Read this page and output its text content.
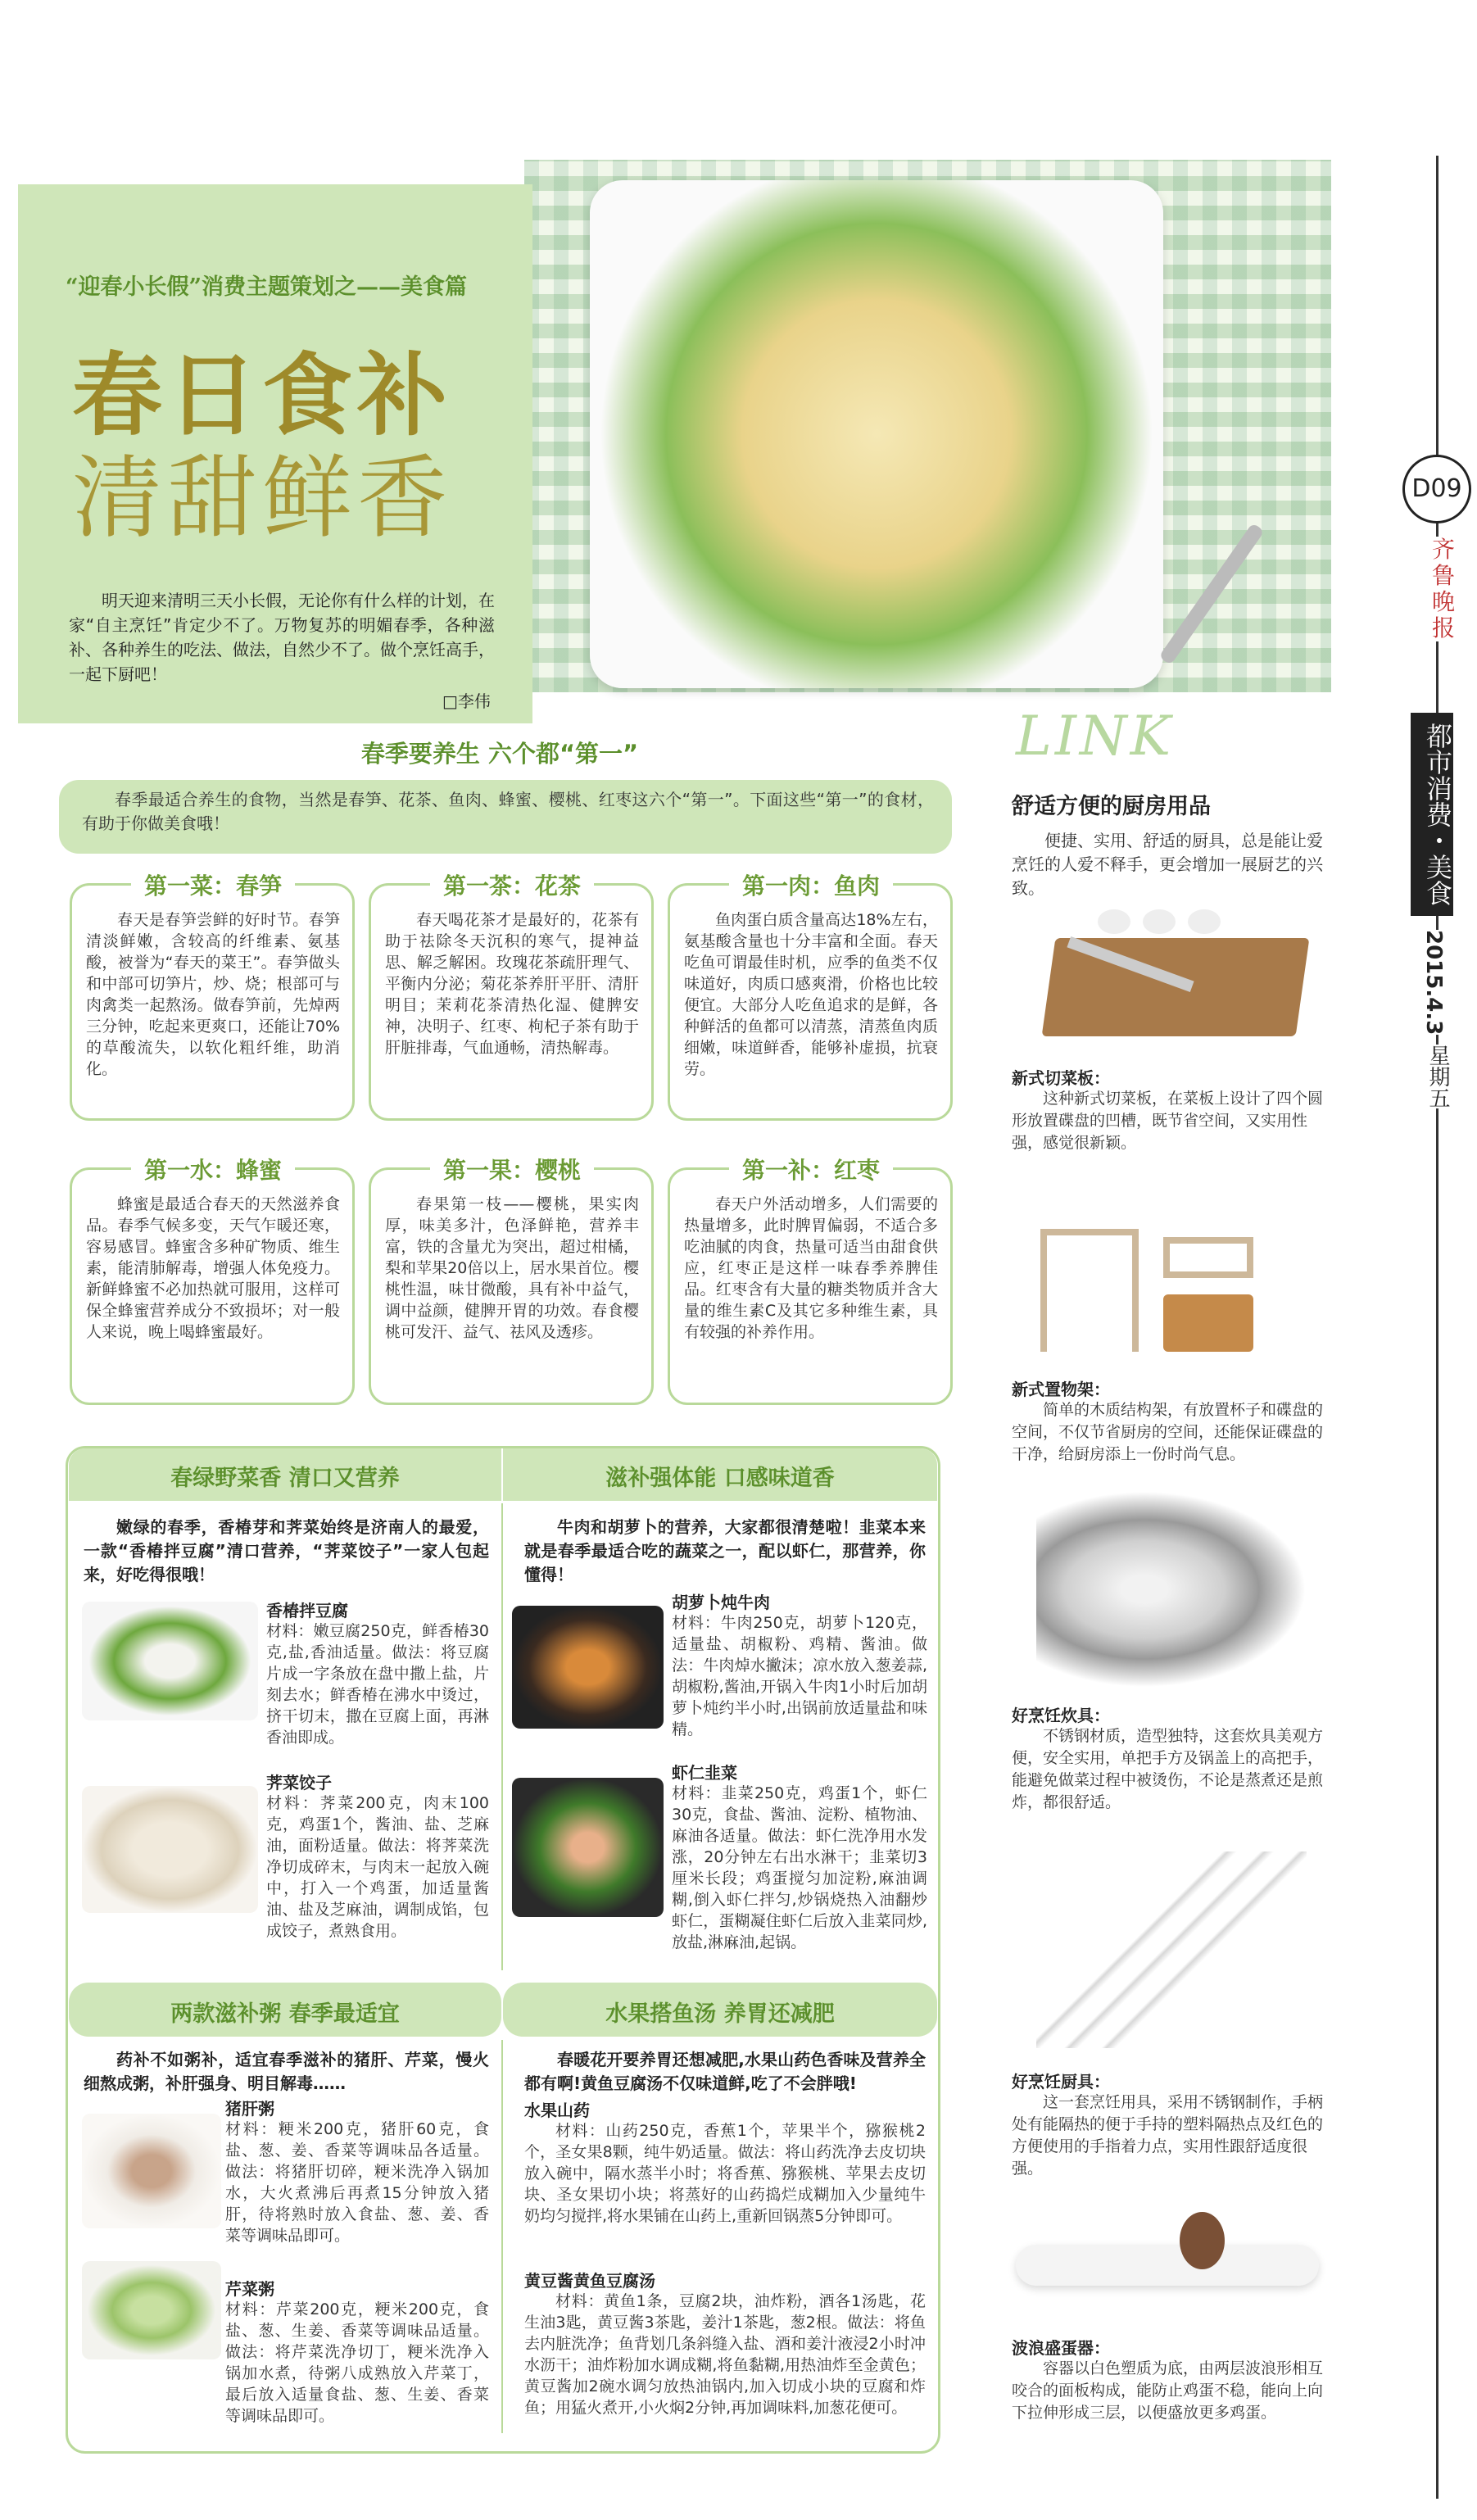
“迎春小长假”消费主题策划之——美食篇
春日食补
清甜鲜香
明天迎来清明三天小长假，无论你有什么样的计划，在家“自主烹饪”肯定少不了。万物复苏的明媚春季，各种滋补、各种养生的吃法、做法，自然少不了。做个烹饪高手，一起下厨吧！
□李伟
D09
齐鲁晚报
都市消费・美食
2015.4.3
星期五
春季要养生 六个都“第一”
春季最适合养生的食物，当然是春笋、花茶、鱼肉、蜂蜜、樱桃、红枣这六个“第一”。下面这些“第一”的食材，有助于你做美食哦！
第一菜：春笋
春天是春笋尝鲜的好时节。春笋清淡鲜嫩，含较高的纤维素、氨基酸，被誉为“春天的菜王”。春笋做头和中部可切笋片，炒、烧；根部可与肉禽类一起熬汤。做春笋前，先焯两三分钟，吃起来更爽口，还能让70%的草酸流失，以软化粗纤维，助消化。
第一茶：花茶
春天喝花茶才是最好的，花茶有助于祛除冬天沉积的寒气，提神益思、解乏解困。玫瑰花茶疏肝理气、平衡内分泌；菊花茶养肝平肝、清肝明目；茉莉花茶清热化湿、健脾安神，决明子、红枣、枸杞子茶有助于肝脏排毒，气血通畅，清热解毒。
第一肉：鱼肉
鱼肉蛋白质含量高达18%左右，氨基酸含量也十分丰富和全面。春天吃鱼可谓最佳时机，应季的鱼类不仅味道好，肉质口感爽滑，价格也比较便宜。大部分人吃鱼追求的是鲜，各种鲜活的鱼都可以清蒸，清蒸鱼肉质细嫩，味道鲜香，能够补虚损，抗衰劳。
第一水：蜂蜜
蜂蜜是最适合春天的天然滋养食品。春季气候多变，天气乍暖还寒，容易感冒。蜂蜜含多种矿物质、维生素，能清肺解毒，增强人体免疫力。新鲜蜂蜜不必加热就可服用，这样可保全蜂蜜营养成分不致损坏；对一般人来说，晚上喝蜂蜜最好。
第一果：樱桃
春果第一枝——樱桃，果实肉厚，味美多汁，色泽鲜艳，营养丰富，铁的含量尤为突出，超过柑橘，梨和苹果20倍以上，居水果首位。樱桃性温，味甘微酸，具有补中益气，调中益颜，健脾开胃的功效。春食樱桃可发汗、益气、祛风及透疹。
第一补：红枣
春天户外活动增多，人们需要的热量增多，此时脾胃偏弱，不适合多吃油腻的肉食，热量可适当由甜食供应，红枣正是这样一味春季养脾佳品。红枣含有大量的糖类物质并含大量的维生素C及其它多种维生素，具有较强的补养作用。
春绿野菜香 清口又营养
嫩绿的春季，香椿芽和荠菜始终是济南人的最爱，一款“香椿拌豆腐”清口营养，“荠菜饺子”一家人包起来，好吃得很哦！
香椿拌豆腐
材料：嫩豆腐250克，鲜香椿30克,盐,香油适量。做法：将豆腐片成一字条放在盘中撒上盐，片刻去水；鲜香椿在沸水中烫过，挤干切末，撒在豆腐上面，再淋香油即成。
荠菜饺子
材料：荠菜200克，肉末100克，鸡蛋1个，酱油、盐、芝麻油，面粉适量。做法：将荠菜洗净切成碎末，与肉末一起放入碗中，打入一个鸡蛋，加适量酱油、盐及芝麻油，调制成馅，包成饺子，煮熟食用。
滋补强体能 口感味道香
牛肉和胡萝卜的营养，大家都很清楚啦！韭菜本来就是春季最适合吃的蔬菜之一，配以虾仁，那营养，你懂得！
胡萝卜炖牛肉
材料：牛肉250克，胡萝卜120克，适量盐、胡椒粉、鸡精、酱油。做法：牛肉焯水撇沫；凉水放入葱姜蒜,胡椒粉,酱油,开锅入牛肉1小时后加胡萝卜炖约半小时,出锅前放适量盐和味精。
虾仁韭菜
材料：韭菜250克，鸡蛋1个，虾仁30克，食盐、酱油、淀粉、植物油、麻油各适量。做法：虾仁洗净用水发涨，20分钟左右出水淋干；韭菜切3厘米长段；鸡蛋搅匀加淀粉,麻油调糊,倒入虾仁拌匀,炒锅烧热入油翻炒虾仁，蛋糊凝住虾仁后放入韭菜同炒,放盐,淋麻油,起锅。
两款滋补粥 春季最适宜
药补不如粥补，适宜春季滋补的猪肝、芹菜，慢火细熬成粥，补肝强身、明目解毒……
猪肝粥
材料：粳米200克，猪肝60克，食盐、葱、姜、香菜等调味品各适量。做法：将猪肝切碎，粳米洗净入锅加水，大火煮沸后再煮15分钟放入猪肝，待将熟时放入食盐、葱、姜、香菜等调味品即可。
芹菜粥
材料：芹菜200克，粳米200克，食盐、葱、生姜、香菜等调味品适量。做法：将芹菜洗净切丁，粳米洗净入锅加水煮，待粥八成熟放入芹菜丁，最后放入适量食盐、葱、生姜、香菜等调味品即可。
水果搭鱼汤 养胃还减肥
春暖花开要养胃还想减肥,水果山药色香味及营养全都有啊!黄鱼豆腐汤不仅味道鲜,吃了不会胖哦!
水果山药
材料：山药250克，香蕉1个，苹果半个，猕猴桃2个，圣女果8颗，纯牛奶适量。做法：将山药洗净去皮切块放入碗中，隔水蒸半小时；将香蕉、猕猴桃、苹果去皮切块、圣女果切小块；将蒸好的山药捣烂成糊加入少量纯牛奶均匀搅拌,将水果铺在山药上,重新回锅蒸5分钟即可。
黄豆酱黄鱼豆腐汤
材料：黄鱼1条，豆腐2块，油炸粉，酒各1汤匙，花生油3匙，黄豆酱3茶匙，姜汁1茶匙，葱2根。做法：将鱼去内脏洗净；鱼背划几条斜缝入盐、酒和姜汁液浸2小时冲水沥干；油炸粉加水调成糊,将鱼黏糊,用热油炸至金黄色；黄豆酱加2碗水调匀放热油锅内,加入切成小块的豆腐和炸鱼；用猛火煮开,小火焖2分钟,再加调味料,加葱花便可。
LINK
舒适方便的厨房用品
便捷、实用、舒适的厨具，总是能让爱烹饪的人爱不释手，更会增加一展厨艺的兴致。
新式切菜板：
这种新式切菜板，在菜板上设计了四个圆形放置碟盘的凹槽，既节省空间，又实用性强，感觉很新颖。
新式置物架：
简单的木质结构架，有放置杯子和碟盘的空间，不仅节省厨房的空间，还能保证碟盘的干净，给厨房添上一份时尚气息。
好烹饪炊具：
不锈钢材质，造型独特，这套炊具美观方便，安全实用，单把手方及锅盖上的高把手，能避免做菜过程中被烫伤，不论是蒸煮还是煎炸，都很舒适。
好烹饪厨具：
这一套烹饪用具，采用不锈钢制作，手柄处有能隔热的便于手持的塑料隔热点及红色的方便使用的手指着力点，实用性跟舒适度很强。
波浪盛蛋器：
容器以白色塑质为底，由两层波浪形相互咬合的面板构成，能防止鸡蛋不稳，能向上向下拉伸形成三层，以便盛放更多鸡蛋。
